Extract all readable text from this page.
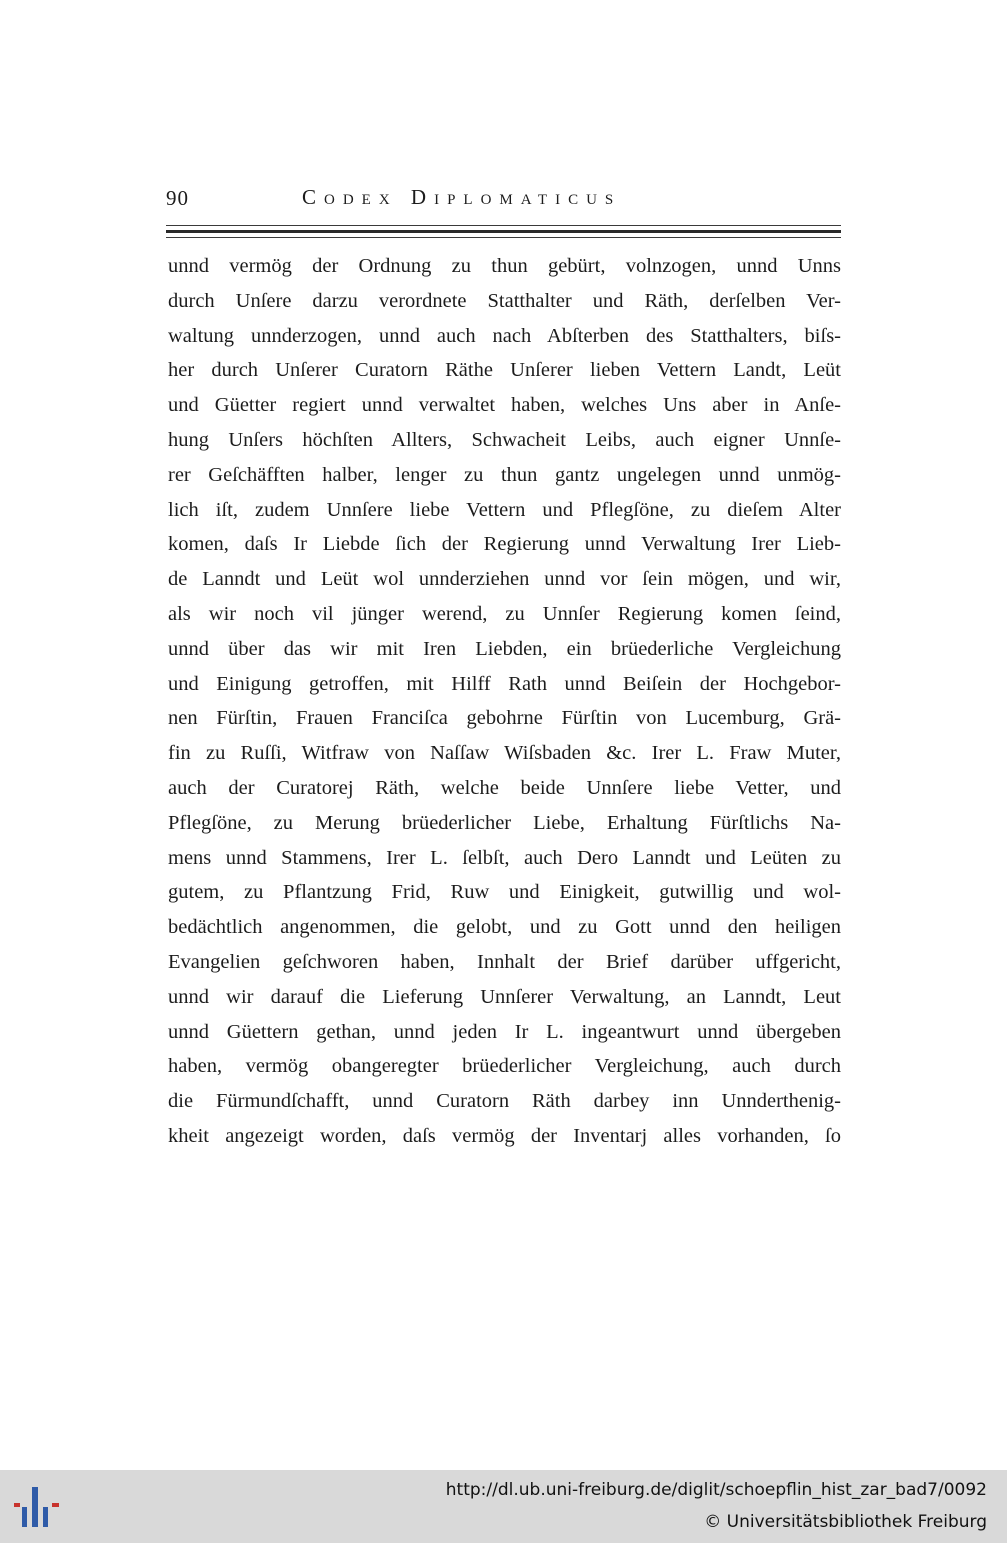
90	Codex Diplomaticus
unnd vermög der Ordnung zu thun gebürt, volnzogen, unnd Unns
durch Unſere darzu verordnete Statthalter und Räth, derſelben Ver-
waltung unnderzogen, unnd auch nach Abſterben des Statthalters, biſs-
her durch Unſerer Curatorn Räthe Unſerer lieben Vettern Landt, Leüt
und Güetter regiert unnd verwaltet haben, welches Uns aber in Anſe-
hung Unſers höchſten Allters, Schwacheit Leibs, auch eigner Unnſe-
rer Geſchäfften halber, lenger zu thun gantz ungelegen unnd unmög-
lich iſt, zudem Unnſere liebe Vettern und Pflegſöne, zu dieſem Alter
komen, daſs Ir Liebde ſich der Regierung unnd Verwaltung Irer Lieb-
de Lanndt und Leüt wol unnderziehen unnd vor ſein mögen, und wir,
als wir noch vil jünger werend, zu Unnſer Regierung komen ſeind,
unnd über das wir mit Iren Liebden, ein brüederliche Vergleichung
und Einigung getroffen, mit Hilff Rath unnd Beiſein der Hochgebor-
nen Fürſtin, Frauen Franciſca gebohrne Fürſtin von Lucemburg, Grä-
fin zu Ruſſi, Witfraw von Naſſaw Wiſsbaden &c. Irer L. Fraw Muter,
auch der Curatorej Räth, welche beide Unnſere liebe Vetter, und
Pflegſöne, zu Merung brüederlicher Liebe, Erhaltung Fürſtlichs Na-
mens unnd Stammens, Irer L. ſelbſt, auch Dero Lanndt und Leüten zu
gutem, zu Pflantzung Frid, Ruw und Einigkeit, gutwillig und wol-
bedächtlich angenommen, die gelobt, und zu Gott unnd den heiligen
Evangelien geſchworen haben, Innhalt der Brief darüber uffgericht,
unnd wir darauf die Lieferung Unnſerer Verwaltung, an Lanndt, Leut
unnd Güettern gethan, unnd jeden Ir L. ingeantwurt unnd übergeben
haben, vermög obangeregter brüederlicher Vergleichung, auch durch
die Fürmundſchafft, unnd Curatorn Räth darbey inn Unnderthenig-
kheit angezeigt worden, daſs vermög der Inventarj alles vorhanden, ſo
http://dl.ub.uni-freiburg.de/diglit/schoepflin_hist_zar_bad7/0092
© Universitätsbibliothek Freiburg
